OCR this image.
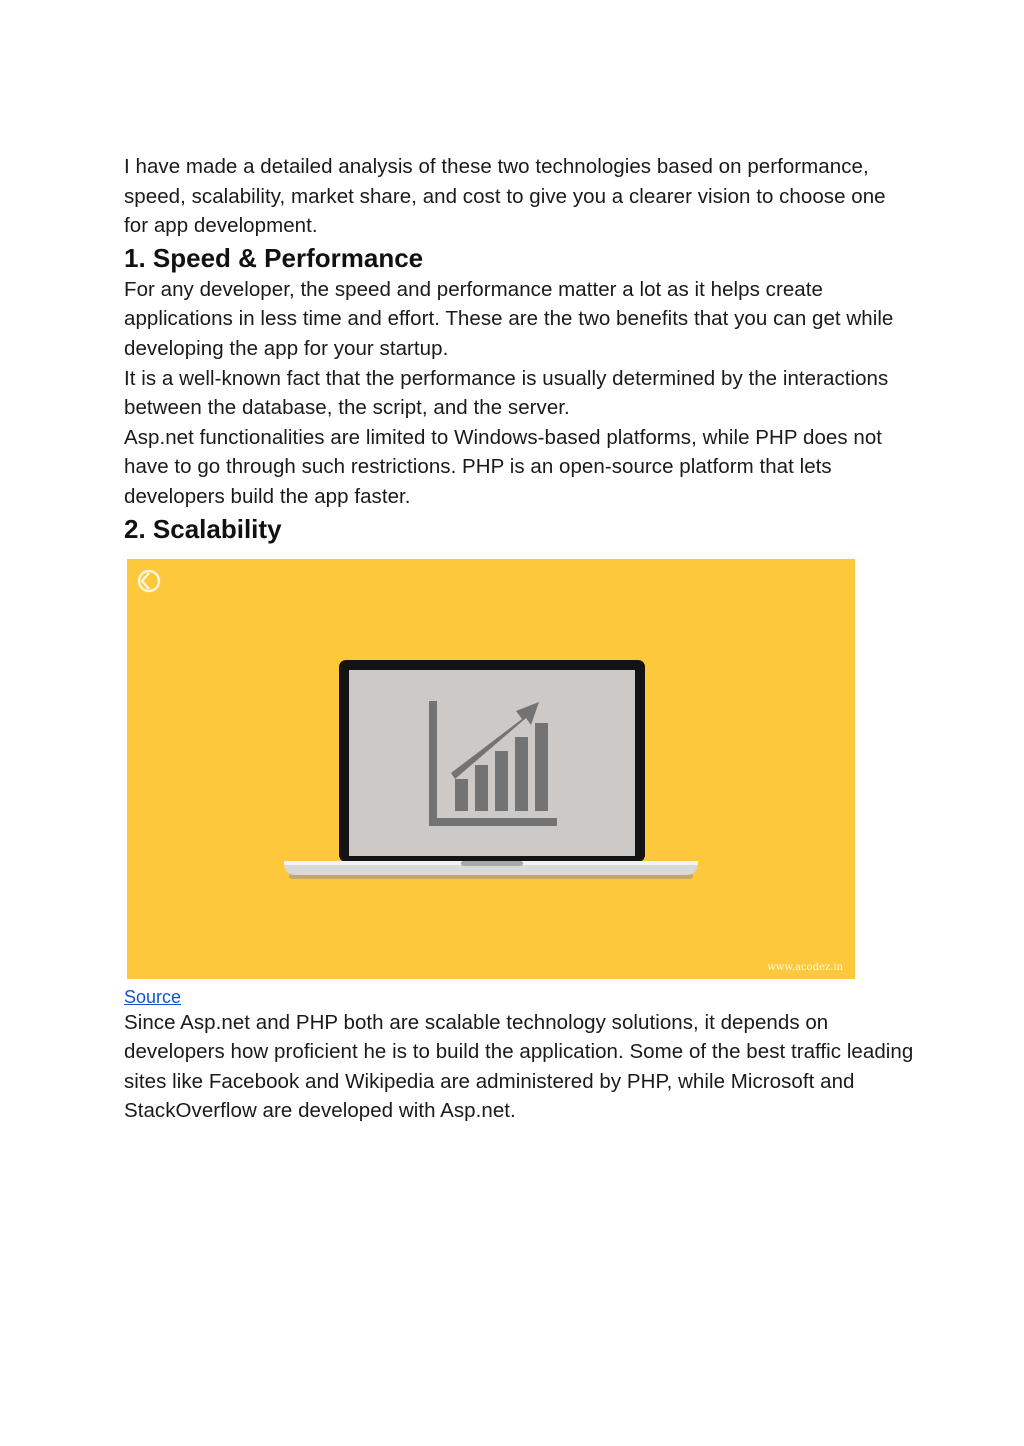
I have made a detailed analysis of these two technologies based on performance, speed, scalability, market share, and cost to give you a clearer vision to choose one for app development.

1. Speed & Performance

For any developer, the speed and performance matter a lot as it helps create applications in less time and effort. These are the two benefits that you can get while developing the app for your startup.

It is a well-known fact that the performance is usually determined by the interactions between the database, the script, and the server.

Asp.net functionalities are limited to Windows-based platforms, while PHP does not have to go through such restrictions. PHP is an open-source platform that lets developers build the app faster.

2. Scalability
www.acodez.in
Source

Since Asp.net and PHP both are scalable technology solutions, it depends on developers how proficient he is to build the application. Some of the best traffic leading sites like Facebook and Wikipedia are administered by PHP, while Microsoft and StackOverflow are developed with Asp.net.
